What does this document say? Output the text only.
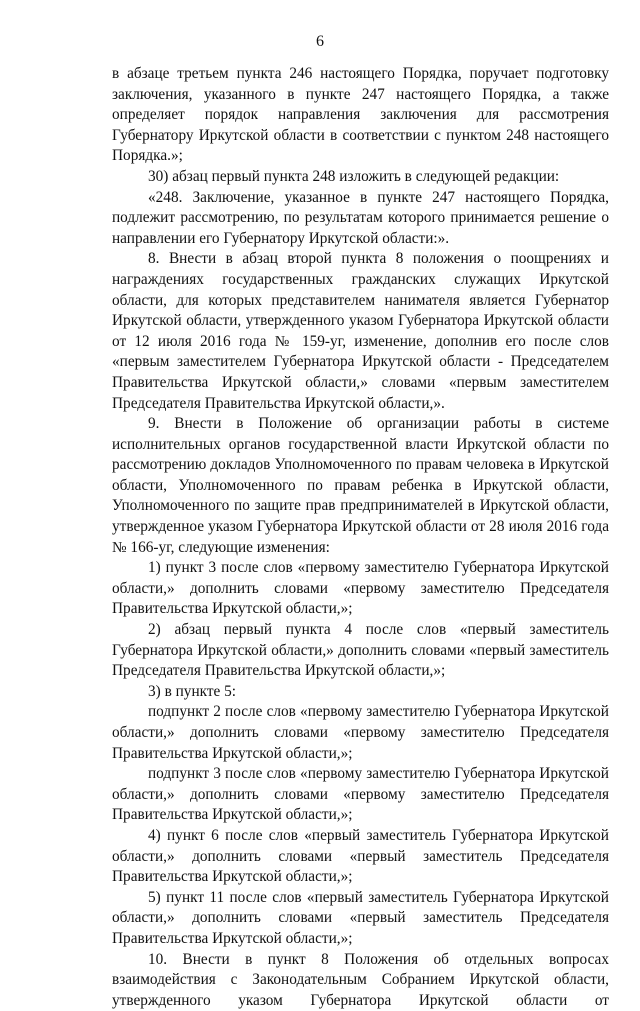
6

в абзаце третьем пункта 246 настоящего Порядка, поручает подготовку заключения, указанного в пункте 247 настоящего Порядка, а также определяет порядок направления заключения для рассмотрения Губернатору Иркутской области в соответствии с пунктом 248 настоящего Порядка.»;

30) абзац первый пункта 248 изложить в следующей редакции:

«248. Заключение, указанное в пункте 247 настоящего Порядка, подлежит рассмотрению, по результатам которого принимается решение о направлении его Губернатору Иркутской области:».

8. Внести в абзац второй пункта 8 положения о поощрениях и награждениях государственных гражданских служащих Иркутской области, для которых представителем нанимателя является Губернатор Иркутской области, утвержденного указом Губернатора Иркутской области от 12 июля 2016 года № 159-уг, изменение, дополнив его после слов «первым заместителем Губернатора Иркутской области - Председателем Правительства Иркутской области,» словами «первым заместителем Председателя Правительства Иркутской области,».

9. Внести в Положение об организации работы в системе исполнительных органов государственной власти Иркутской области по рассмотрению докладов Уполномоченного по правам человека в Иркутской области, Уполномоченного по правам ребенка в Иркутской области, Уполномоченного по защите прав предпринимателей в Иркутской области, утвержденное указом Губернатора Иркутской области от 28 июля 2016 года № 166-уг, следующие изменения:

1) пункт 3 после слов «первому заместителю Губернатора Иркутской области,» дополнить словами «первому заместителю Председателя Правительства Иркутской области,»;

2) абзац первый пункта 4 после слов «первый заместитель Губернатора Иркутской области,» дополнить словами «первый заместитель Председателя Правительства Иркутской области,»;

3) в пункте 5:

подпункт 2 после слов «первому заместителю Губернатора Иркутской области,» дополнить словами «первому заместителю Председателя Правительства Иркутской области,»;

подпункт 3 после слов «первому заместителю Губернатора Иркутской области,» дополнить словами «первому заместителю Председателя Правительства Иркутской области,»;

4) пункт 6 после слов «первый заместитель Губернатора Иркутской области,» дополнить словами «первый заместитель Председателя Правительства Иркутской области,»;

5) пункт 11 после слов «первый заместитель Губернатора Иркутской области,» дополнить словами «первый заместитель Председателя Правительства Иркутской области,»;

10. Внести в пункт 8 Положения об отдельных вопросах взаимодействия с Законодательным Собранием Иркутской области, утвержденного указом Губернатора Иркутской области от
